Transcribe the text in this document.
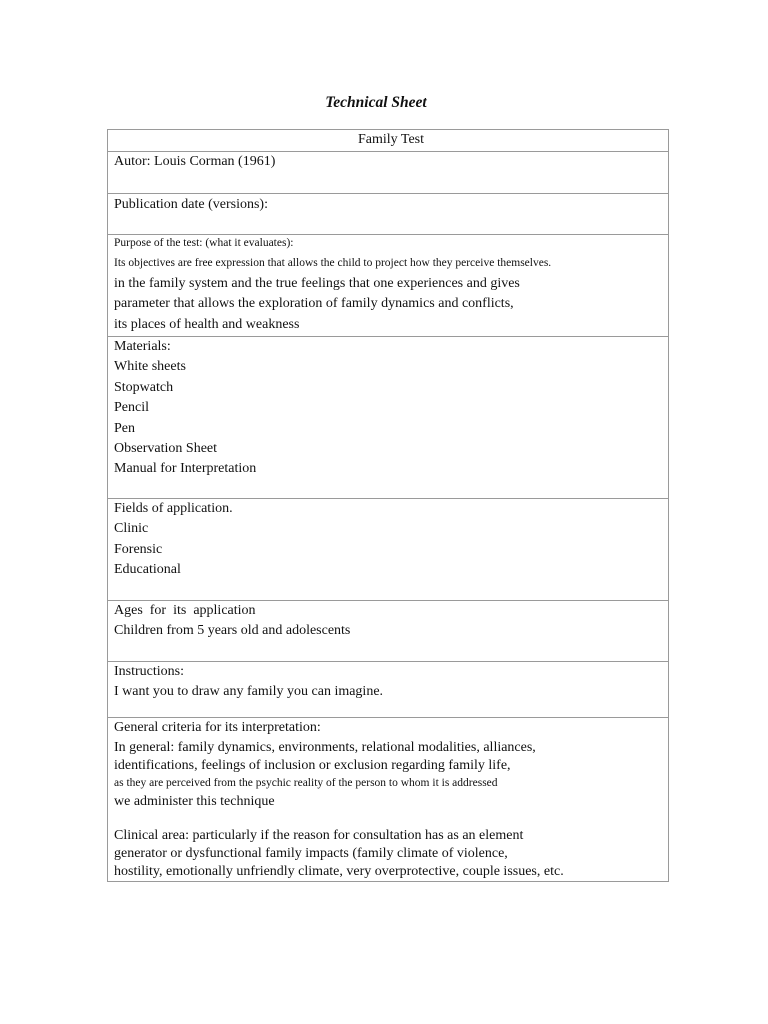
Technical Sheet
Family Test

Autor: Louis Corman (1961)

Publication date (versions):

Purpose of the test: (what it evaluates):
Its objectives are free expression that allows the child to project how they perceive themselves.
in the family system and the true feelings that one experiences and gives
parameter that allows the exploration of family dynamics and conflicts,
its places of health and weakness

Materials:
White sheets
Stopwatch
Pencil
Pen
Observation Sheet
Manual for Interpretation

Fields of application.
Clinic
Forensic
Educational

Ages  for  its  application
Children from 5 years old and adolescents

Instructions:
I want you to draw any family you can imagine.

General criteria for its interpretation:
In general: family dynamics, environments, relational modalities, alliances,
identifications, feelings of inclusion or exclusion regarding family life,
as they are perceived from the psychic reality of the person to whom it is addressed
we administer this technique
Clinical area: particularly if the reason for consultation has as an element
generator or dysfunctional family impacts (family climate of violence,
hostility, emotionally unfriendly climate, very overprotective, couple issues, etc.
